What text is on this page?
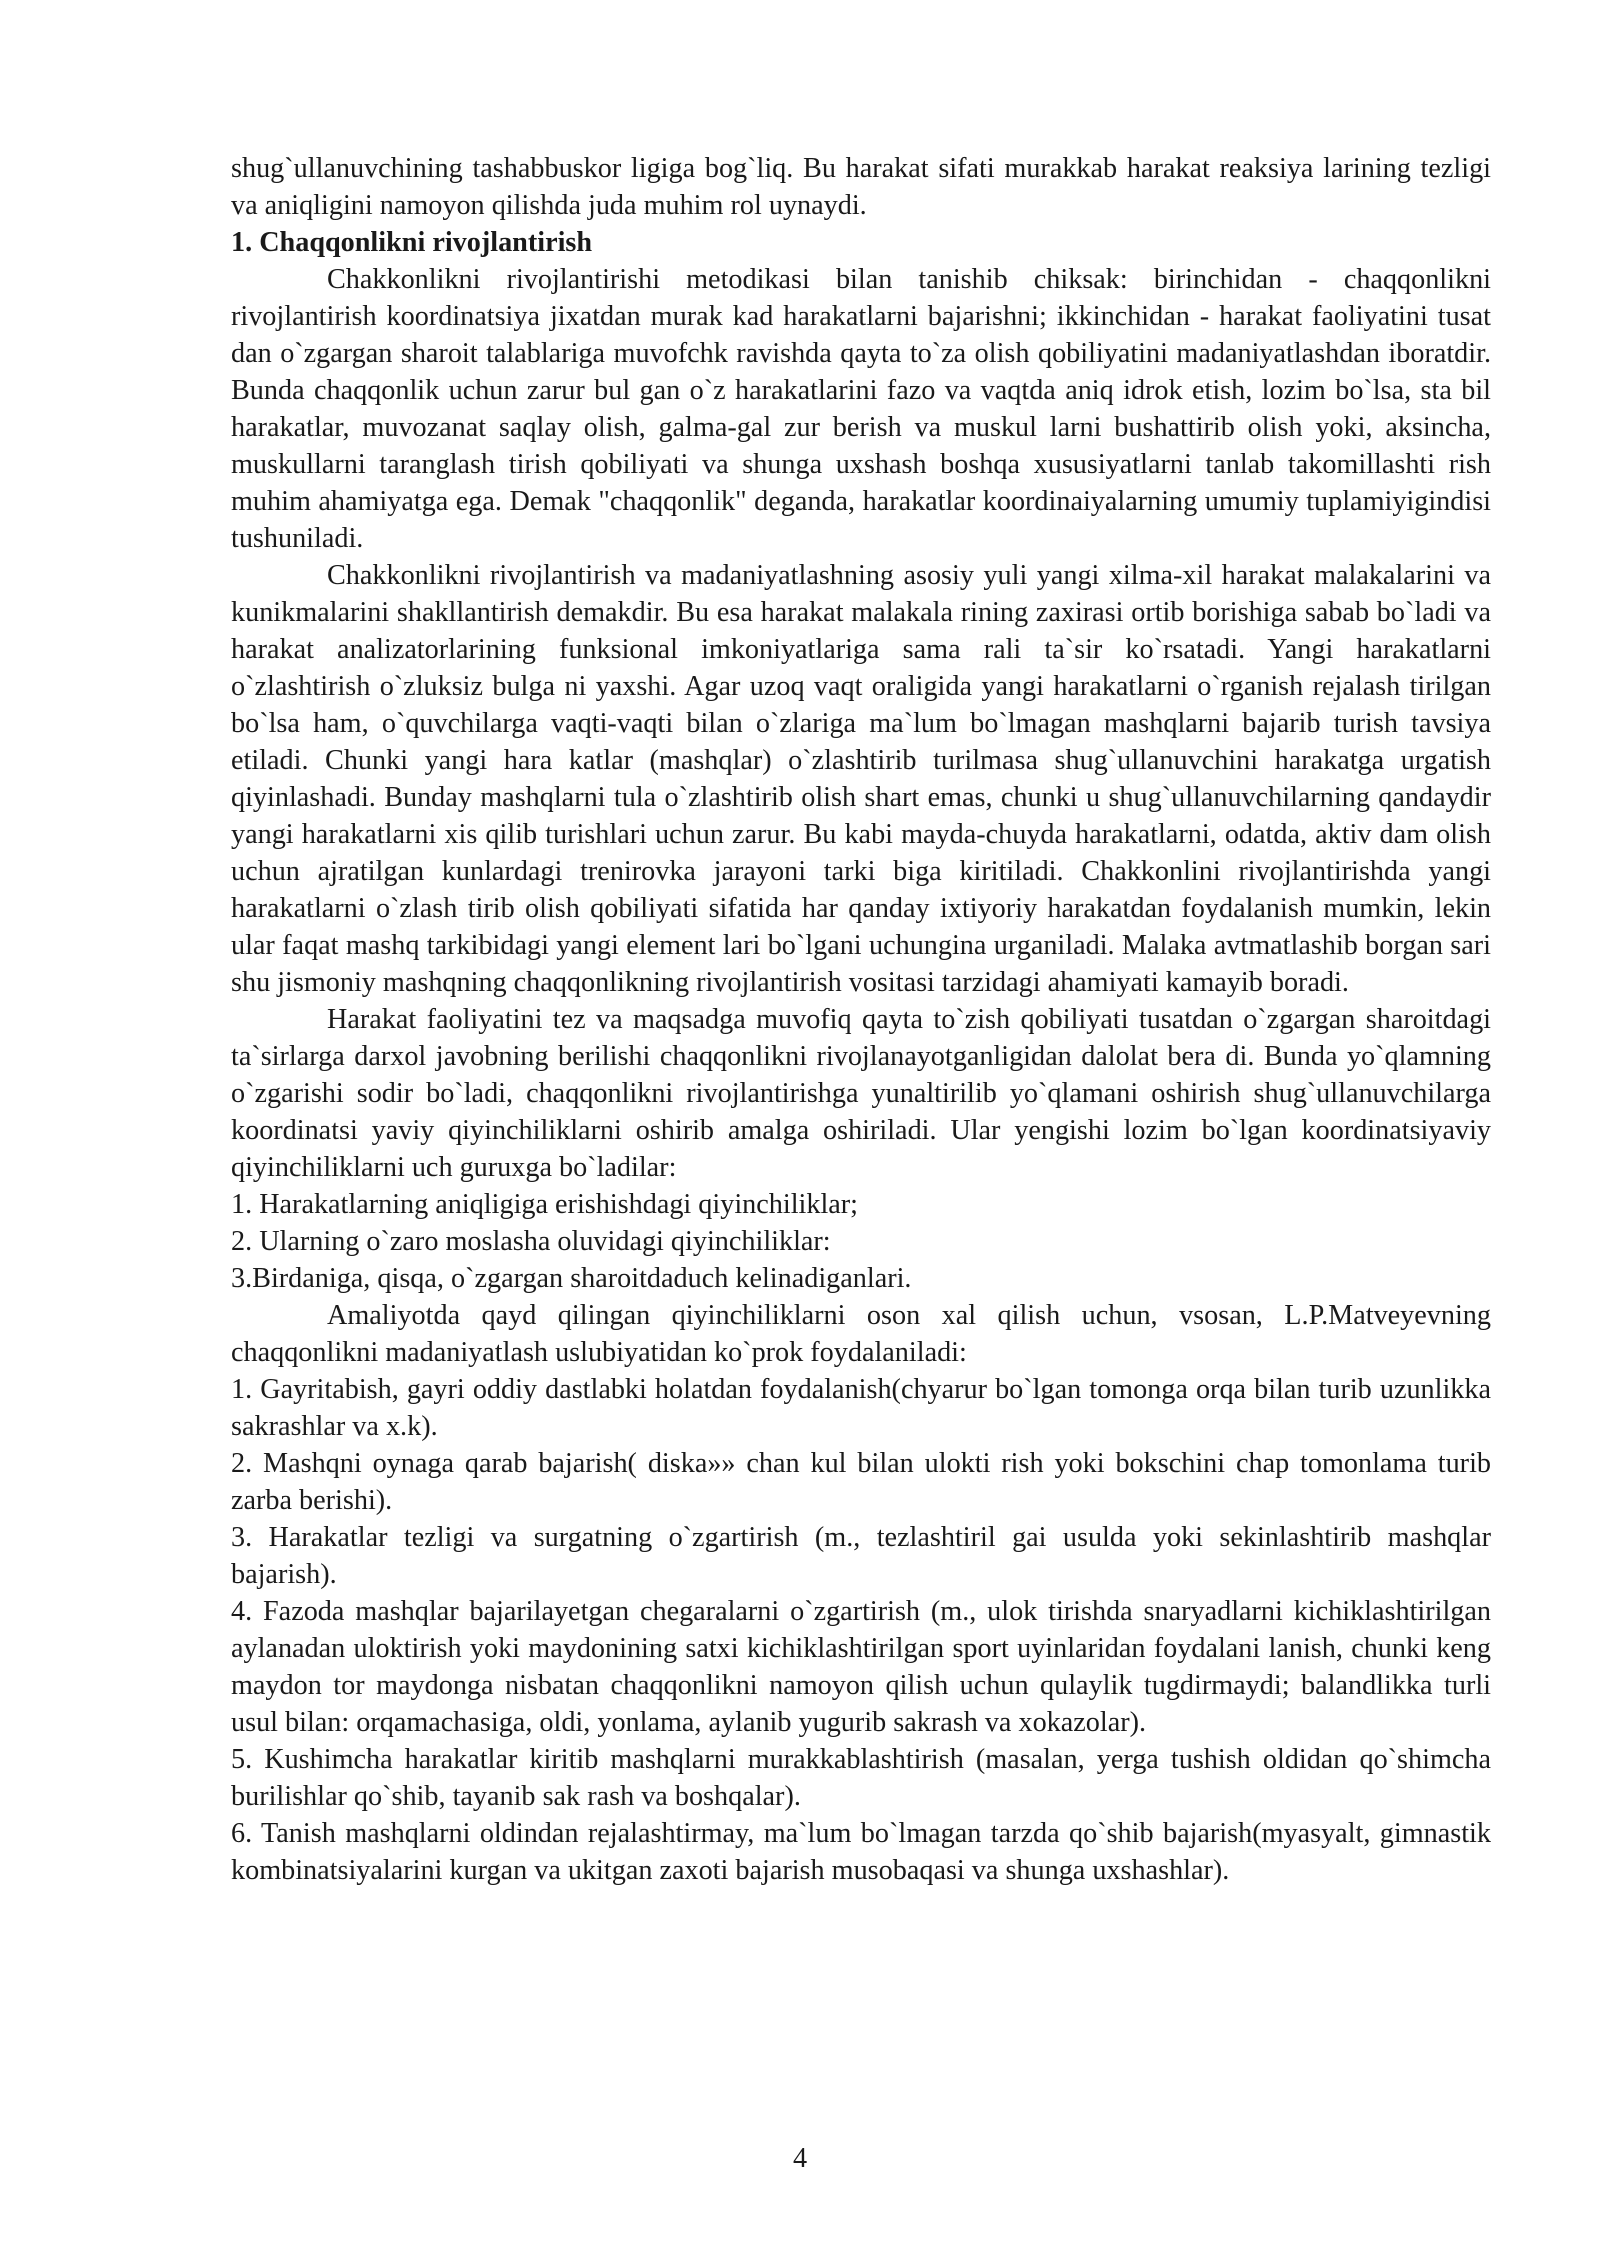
shug`ullanuvchining tashabbuskor ligiga bog`liq. Bu harakat sifati murakkab harakat reaksiya larining tezligi va aniqligini namoyon qilishda juda muhim rol uynaydi.

1. Chaqqonlikni rivojlantirish

Chakkonlikni rivojlantirishi metodikasi bilan tanishib chiksak: birinchidan - chaqqonlikni rivojlantirish koordinatsiya jixatdan murak kad harakatlarni bajarishni; ikkinchidan - harakat faoliyatini tusat dan o`zgargan sharoit talablariga muvofchk ravishda qayta to`za olish qobiliyatini madaniyatlashdan iboratdir. Bunda chaqqonlik uchun zarur bul gan o`z harakatlarini fazo va vaqtda aniq idrok etish, lozim bo`lsa, sta bil harakatlar, muvozanat saqlay olish, galma-gal zur berish va muskul larni bushattirib olish yoki, aksincha, muskullarni taranglash tirish qobiliyati va shunga uxshash boshqa xususiyatlarni tanlab takomillashti rish muhim ahamiyatga ega. Demak "chaqqonlik" deganda, harakatlar koordinaiyalarning umumiy tuplamiyigindisi tushuniladi.

Chakkonlikni rivojlantirish va madaniyatlashning asosiy yuli yangi xilma-xil harakat malakalarini va kunikmalarini shakllantirish demakdir. Bu esa harakat malakala rining zaxirasi ortib borishiga sabab bo`ladi va harakat analizatorlarining funksional imkoniyatlariga sama rali ta`sir ko`rsatadi. Yangi harakatlarni o`zlashtirish o`zluksiz bulga ni yaxshi. Agar uzoq vaqt oraligida yangi harakatlarni o`rganish rejalash tirilgan bo`lsa ham, o`quvchilarga vaqti-vaqti bilan o`zlariga ma`lum bo`lmagan mashqlarni bajarib turish tavsiya etiladi. Chunki yangi hara katlar (mashqlar) o`zlashtirib turilmasa shug`ullanuvchini harakatga urgatish qiyinlashadi. Bunday mashqlarni tula o`zlashtirib olish shart emas, chunki u shug`ullanuvchilarning qandaydir yangi harakatlarni xis qilib turishlari uchun zarur. Bu kabi mayda-chuyda harakatlarni, odatda, aktiv dam olish uchun ajratilgan kunlardagi trenirovka jarayoni tarki biga kiritiladi. Chakkonlini rivojlantirishda yangi harakatlarni o`zlash tirib olish qobiliyati sifatida har qanday ixtiyoriy harakatdan foydalanish mumkin, lekin ular faqat mashq tarkibidagi yangi element lari bo`lgani uchungina urganiladi. Malaka avtmatlashib borgan sari shu jismoniy mashqning chaqqonlikning rivojlantirish vositasi tarzidagi ahamiyati kamayib boradi.

Harakat faoliyatini tez va maqsadga muvofiq qayta to`zish qobiliyati tusatdan o`zgargan sharoitdagi ta`sirlarga darxol javobning berilishi chaqqonlikni rivojlanayotganligidan dalolat bera di. Bunda yo`qlamning o`zgarishi sodir bo`ladi, chaqqonlikni rivojlantirishga yunaltirilib yo`qlamani oshirish shug`ullanuvchilarga koordinatsi yaviy qiyinchiliklarni oshirib amalga oshiriladi. Ular yengishi lozim bo`lgan koordinatsiyaviy qiyinchiliklarni uch guruxga bo`ladilar:

1. Harakatlarning aniqligiga erishishdagi qiyinchiliklar;

2. Ularning o`zaro moslasha oluvidagi qiyinchiliklar:

3.Birdaniga, qisqa, o`zgargan sharoitdaduch kelinadiganlari.

Amaliyotda qayd qilingan qiyinchiliklarni oson xal qilish uchun, vsosan, L.P.Matveyevning chaqqonlikni madaniyatlash uslubiyatidan ko`prok foydalaniladi:

1. Gayritabish, gayri oddiy dastlabki holatdan foydalanish(chyarur bo`lgan tomonga orqa bilan turib uzunlikka sakrashlar va x.k).

2. Mashqni oynaga qarab bajarish( diska»» chan kul bilan ulokti rish yoki bokschini chap tomonlama turib zarba berishi).

3. Harakatlar tezligi va surgatning o`zgartirish (m., tezlashtiril gai usulda yoki sekinlashtirib mashqlar bajarish).

4. Fazoda mashqlar bajarilayetgan chegaralarni o`zgartirish (m., ulok tirishda snaryadlarni kichiklashtirilgan aylanadan uloktirish yoki maydonining satxi kichiklashtirilgan sport uyinlaridan foydalani lanish, chunki keng maydon tor maydonga nisbatan chaqqonlikni namoyon qilish uchun qulaylik tugdirmaydi; balandlikka turli usul bilan: orqamachasiga, oldi, yonlama, aylanib yugurib sakrash va xokazolar).

5. Kushimcha harakatlar kiritib mashqlarni murakkablashtirish (masalan, yerga tushish oldidan qo`shimcha burilishlar qo`shib, tayanib sak rash va boshqalar).

6. Tanish mashqlarni oldindan rejalashtirmay, ma`lum bo`lmagan tarzda qo`shib bajarish(myasyalt, gimnastik kombinatsiyalarini kurgan va ukitgan zaxoti bajarish musobaqasi va shunga uxshashlar).

4
